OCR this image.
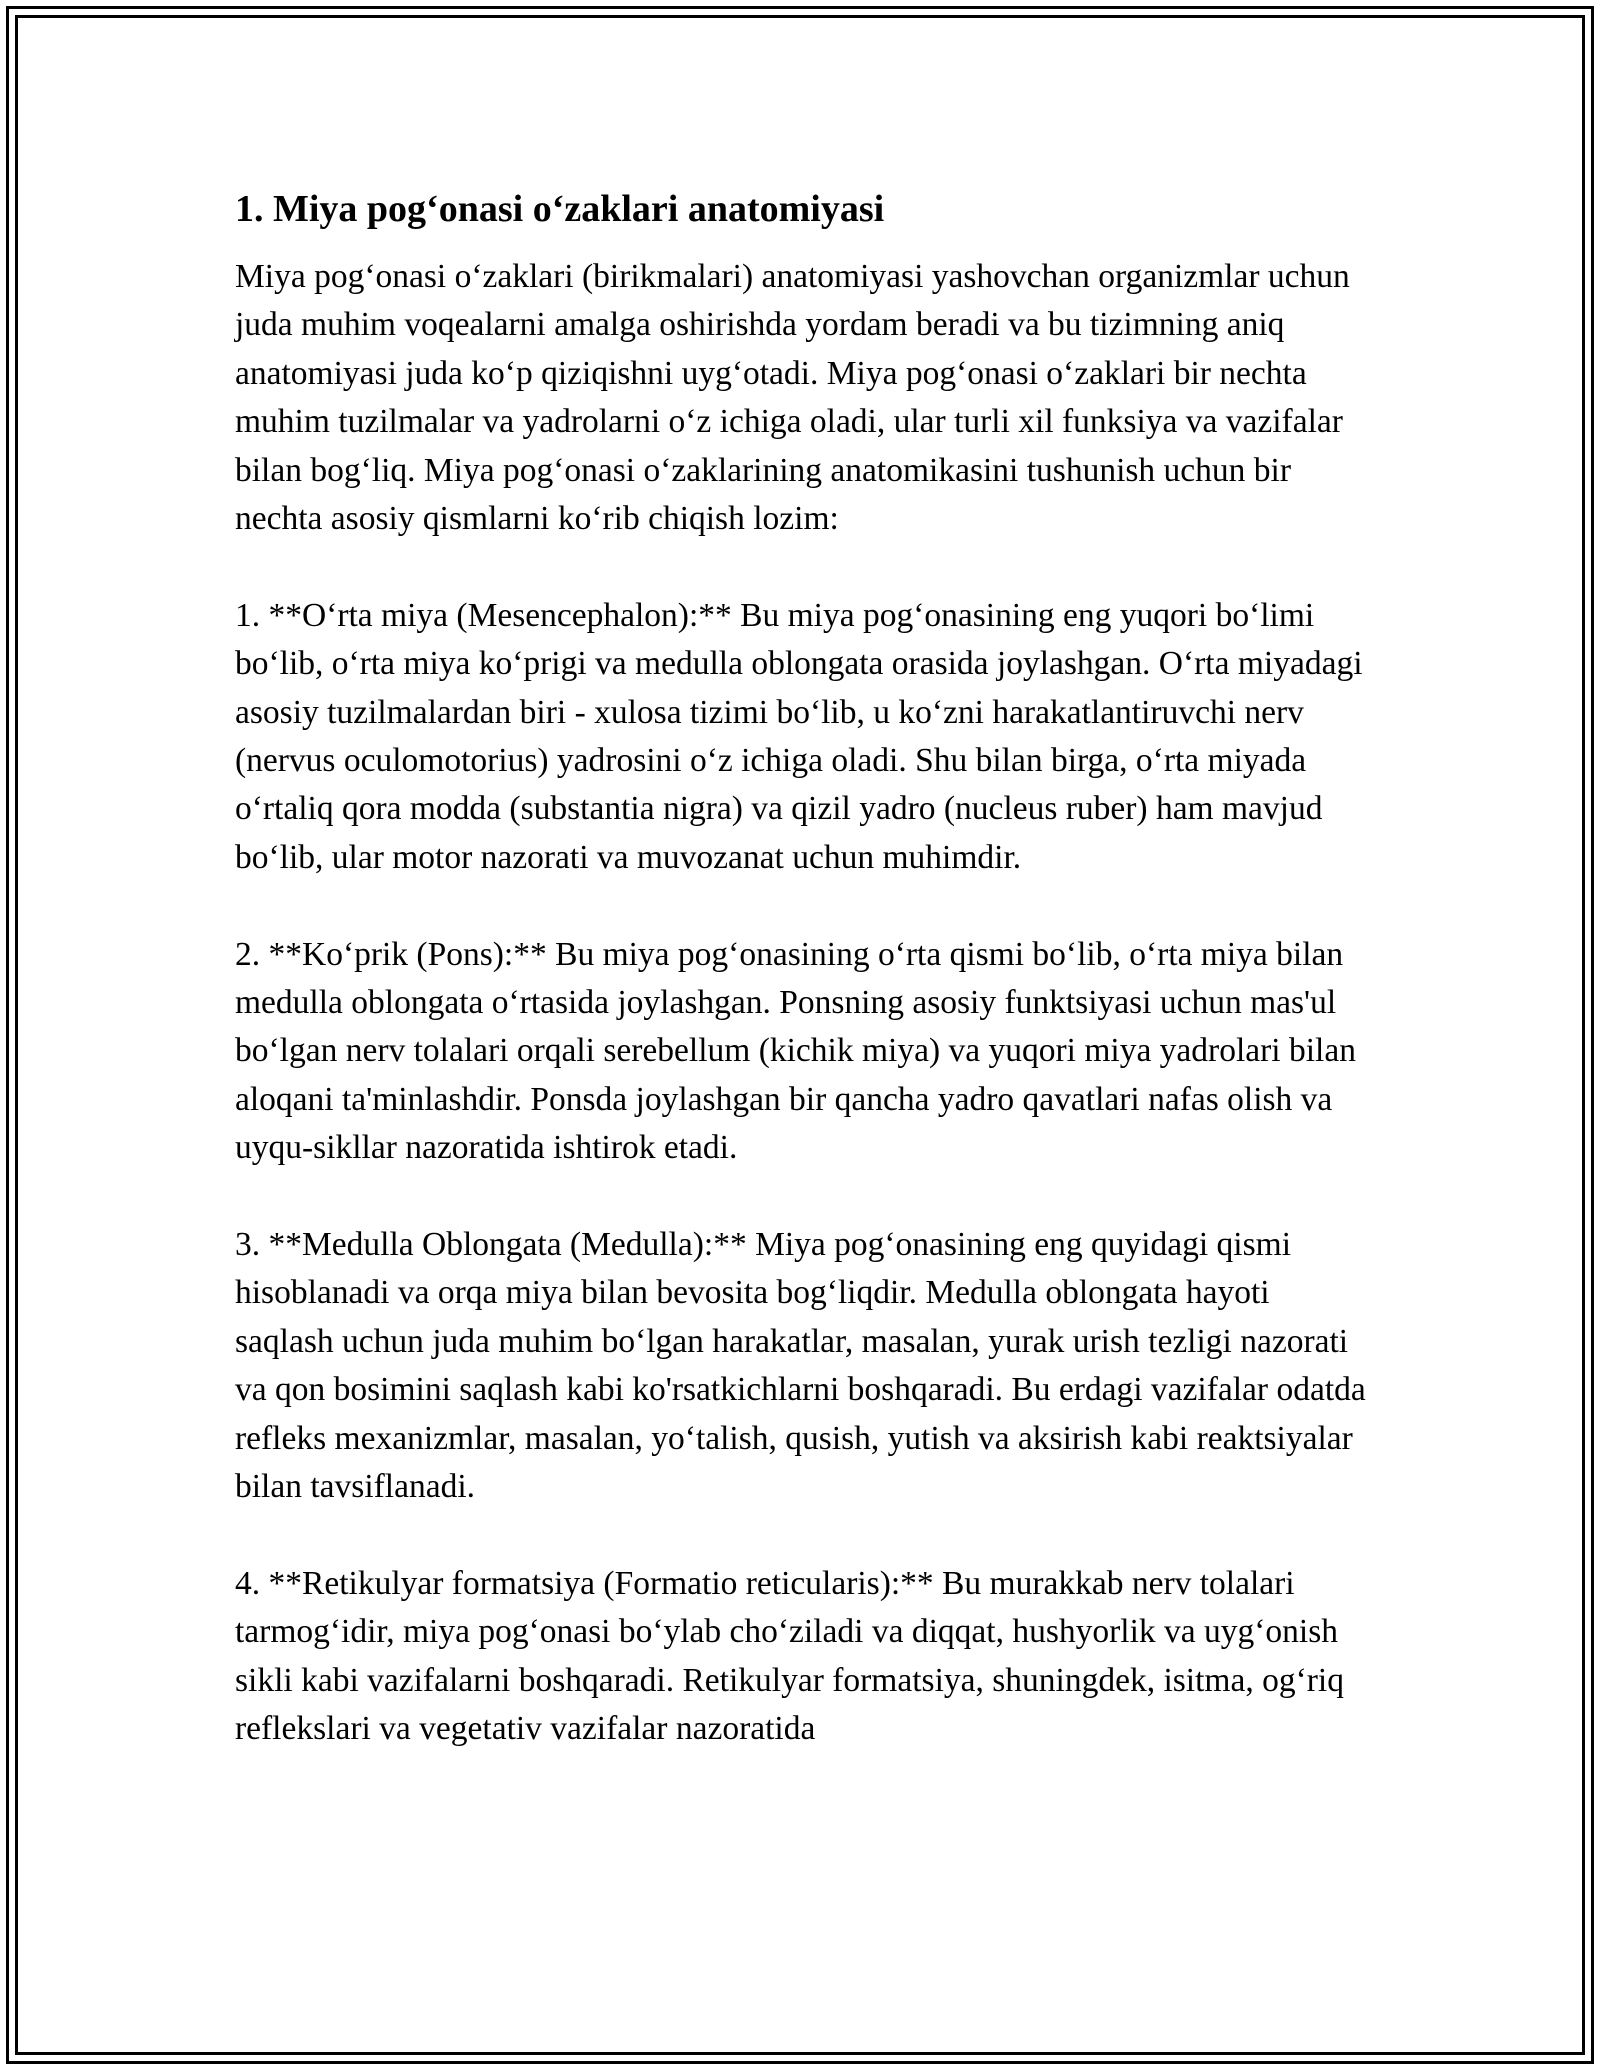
1. Miya pog‘onasi o‘zaklari anatomiyasi

Miya pog‘onasi o‘zaklari (birikmalari) anatomiyasi yashovchan organizmlar uchun juda muhim voqealarni amalga oshirishda yordam beradi va bu tizimning aniq anatomiyasi juda ko‘p qiziqishni uyg‘otadi. Miya pog‘onasi o‘zaklari bir nechta muhim tuzilmalar va yadrolarni o‘z ichiga oladi, ular turli xil funksiya va vazifalar bilan bog‘liq. Miya pog‘onasi o‘zaklarining anatomikasini tushunish uchun bir nechta asosiy qismlarni ko‘rib chiqish lozim:

1. **O‘rta miya (Mesencephalon):** Bu miya pog‘onasining eng yuqori bo‘limi bo‘lib, o‘rta miya ko‘prigi va medulla oblongata orasida joylashgan. O‘rta miyadagi asosiy tuzilmalardan biri - xulosa tizimi bo‘lib, u ko‘zni harakatlantiruvchi nerv (nervus oculomotorius) yadrosini o‘z ichiga oladi. Shu bilan birga, o‘rta miyada o‘rtaliq qora modda (substantia nigra) va qizil yadro (nucleus ruber) ham mavjud bo‘lib, ular motor nazorati va muvozanat uchun muhimdir.

2. **Ko‘prik (Pons):** Bu miya pog‘onasining o‘rta qismi bo‘lib, o‘rta miya bilan medulla oblongata o‘rtasida joylashgan. Ponsning asosiy funktsiyasi uchun mas'ul bo‘lgan nerv tolalari orqali serebellum (kichik miya) va yuqori miya yadrolari bilan aloqani ta'minlashdir. Ponsda joylashgan bir qancha yadro qavatlari nafas olish va uyqu-sikllar nazoratida ishtirok etadi.

3. **Medulla Oblongata (Medulla):** Miya pog‘onasining eng quyidagi qismi hisoblanadi va orqa miya bilan bevosita bog‘liqdir. Medulla oblongata hayoti saqlash uchun juda muhim bo‘lgan harakatlar, masalan, yurak urish tezligi nazorati va qon bosimini saqlash kabi ko'rsatkichlarni boshqaradi. Bu erdagi vazifalar odatda refleks mexanizmlar, masalan, yo‘talish, qusish, yutish va aksirish kabi reaktsiyalar bilan tavsiflanadi.

4. **Retikulyar formatsiya (Formatio reticularis):** Bu murakkab nerv tolalari tarmog‘idir, miya pog‘onasi bo‘ylab cho‘ziladi va diqqat, hushyorlik va uyg‘onish sikli kabi vazifalarni boshqaradi. Retikulyar formatsiya, shuningdek, isitma, og‘riq reflekslari va vegetativ vazifalar nazoratida
